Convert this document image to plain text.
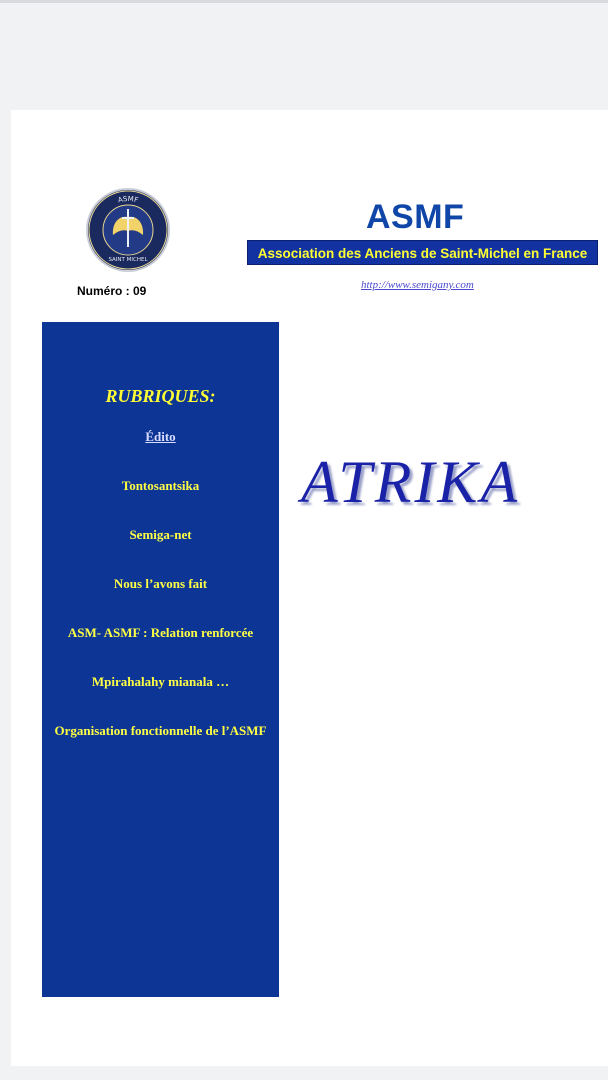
ASMF
SAINT MICHEL
Numéro : 09
ASMF
Association des Anciens de Saint-Michel en France
http://www.semigany.com
RUBRIQUES:
Édito
Tontosantsika
Semiga-net
Nous l’avons fait
ASM- ASMF : Relation renforcée
Mpirahalahy mianala …
Organisation fonctionnelle de l’ASMF
ATRIKA
